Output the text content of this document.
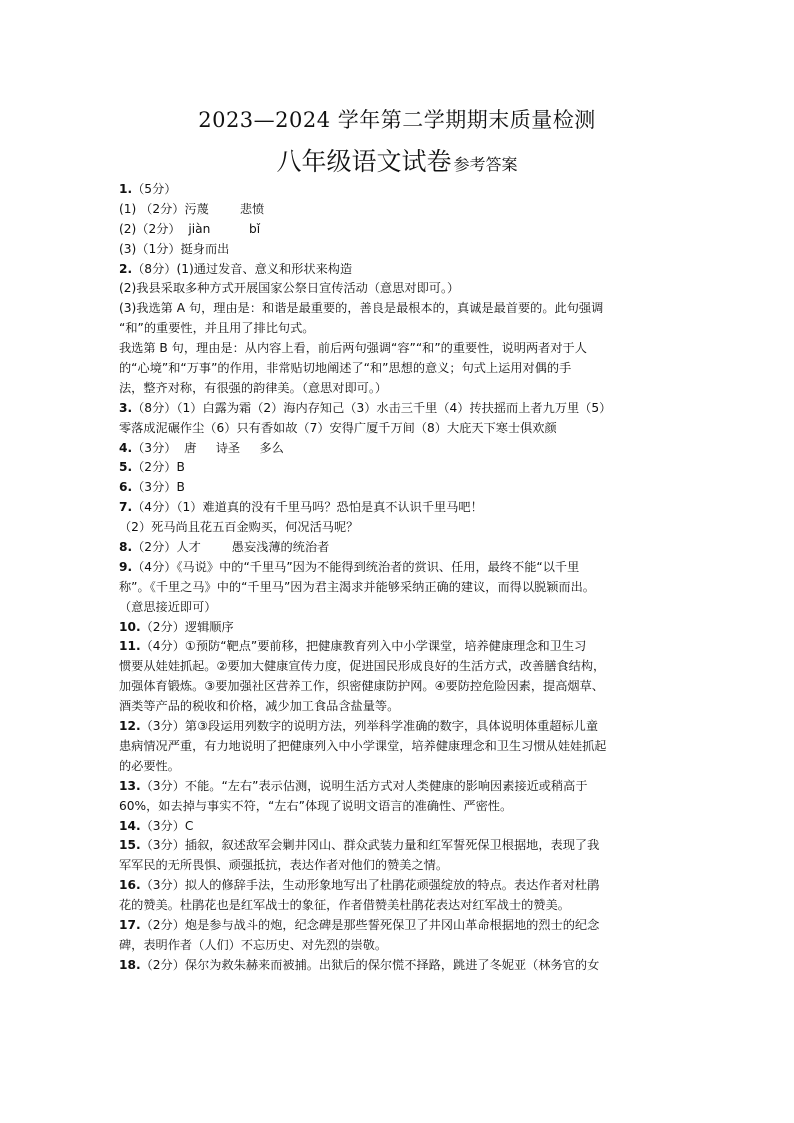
2023—2024 学年第二学期期末质量检测
八年级语文试卷 参考答案
1.（5分）
(1) （2分）污蔑        悲愤
(2)（2分）  jiàn          bǐ
(3)（1分）挺身而出
2.（8分）(1)通过发音、意义和形状来构造
(2)我县采取多种方式开展国家公祭日宣传活动（意思对即可。）
(3)我选第 A 句，理由是：和谐是最重要的，善良是最根本的，真诚是最首要的。此句强调
“和”的重要性，并且用了排比句式。
我选第 B 句，理由是：从内容上看，前后两句强调“容”“和”的重要性，说明两者对于人
的“心境”和“万事”的作用，非常贴切地阐述了“和”思想的意义；句式上运用对偶的手
法，整齐对称，有很强的韵律美。（意思对即可。）
3.（8分）（1）白露为霜（2）海内存知己（3）水击三千里（4）抟扶摇而上者九万里（5）
零落成泥碾作尘（6）只有香如故（7）安得广厦千万间（8）大庇天下寒士俱欢颜
4.（3分）  唐     诗圣     多么
5.（2分）B
6.（3分）B
7.（4分）（1）难道真的没有千里马吗？恐怕是真不认识千里马吧！
（2）死马尚且花五百金购买，何况活马呢？
8.（2分）人才        愚妄浅薄的统治者
9.（4分）《马说》中的“千里马”因为不能得到统治者的赏识、任用，最终不能“以千里
称”。《千里之马》中的“千里马”因为君主渴求并能够采纳正确的建议，而得以脱颖而出。
（意思接近即可）
10.（2分）逻辑顺序
11.（4分）①预防“靶点”要前移，把健康教育列入中小学课堂，培养健康理念和卫生习
惯要从娃娃抓起。②要加大健康宣传力度，促进国民形成良好的生活方式，改善膳食结构，
加强体育锻炼。③要加强社区营养工作，织密健康防护网。④要防控危险因素，提高烟草、
酒类等产品的税收和价格，减少加工食品含盐量等。
12.（3分）第③段运用列数字的说明方法，列举科学准确的数字，具体说明体重超标儿童
患病情况严重，有力地说明了把健康列入中小学课堂，培养健康理念和卫生习惯从娃娃抓起
的必要性。
13.（3分）不能。“左右”表示估测，说明生活方式对人类健康的影响因素接近或稍高于
60%，如去掉与事实不符，“左右”体现了说明文语言的准确性、严密性。
14.（3分）C
15.（3分）插叙，叙述敌军会剿井冈山、群众武装力量和红军誓死保卫根据地，表现了我
军军民的无所畏惧、顽强抵抗，表达作者对他们的赞美之情。
16.（3分）拟人的修辞手法，生动形象地写出了杜鹃花顽强绽放的特点。表达作者对杜鹃
花的赞美。杜鹃花也是红军战士的象征，作者借赞美杜鹃花表达对红军战士的赞美。
17.（2分）炮是参与战斗的炮，纪念碑是那些誓死保卫了井冈山革命根据地的烈士的纪念
碑，表明作者（人们）不忘历史、对先烈的崇敬。
18.（2分）保尔为救朱赫来而被捕。出狱后的保尔慌不择路，跳进了冬妮亚（林务官的女
